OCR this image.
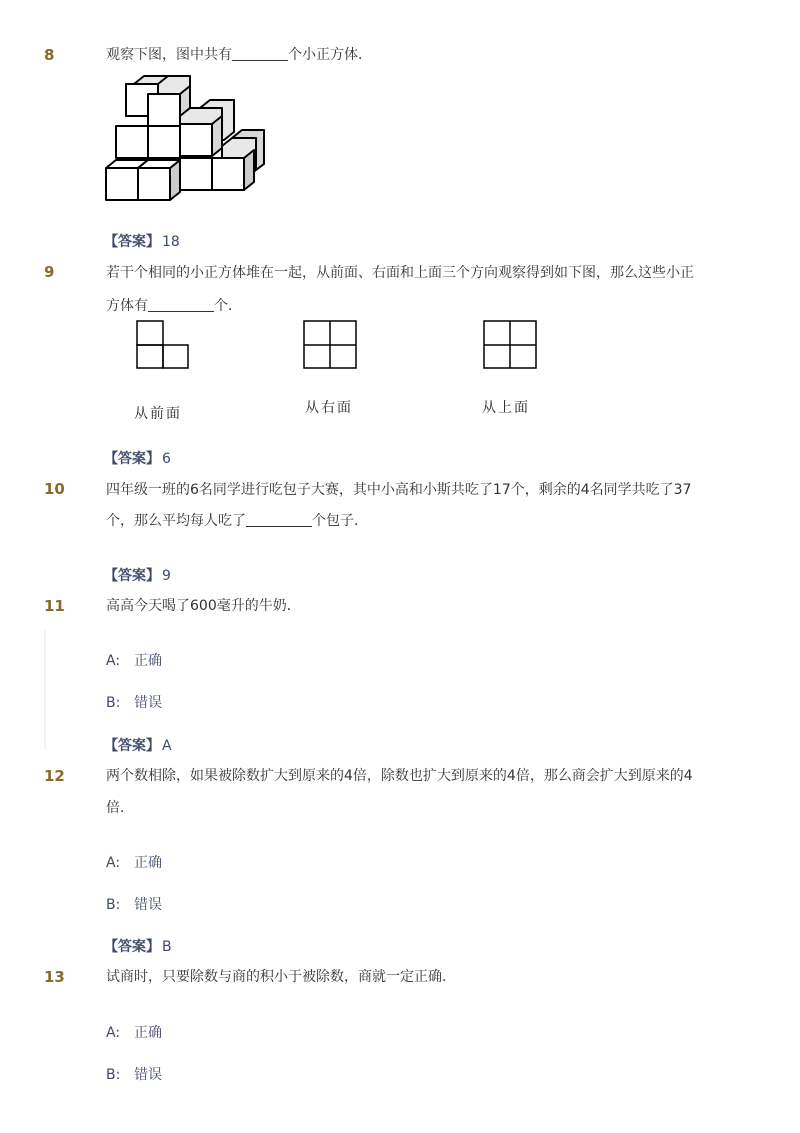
8	观察下图，图中共有	个小正方体．
【答案】 18
9	若干个相同的小正方体堆在一起，从前面、右面和上面三个方向观察得到如下图，那么这些小正
方体有	个．
从前面	从右面	从上面
【答案】 6
10	四年级一班的6名同学进行吃包子大赛，其中小高和小斯共吃了17个，剩余的4名同学共吃了37
个，那么平均每人吃了	个包子．
【答案】 9
11	高高今天喝了600毫升的牛奶．
A: 正确
B: 错误
【答案】 A
12	两个数相除，如果被除数扩大到原来的4倍，除数也扩大到原来的4倍，那么商会扩大到原来的4
倍．
A: 正确
B: 错误
【答案】 B
13	试商时，只要除数与商的积小于被除数，商就一定正确．
A: 正确
B: 错误
